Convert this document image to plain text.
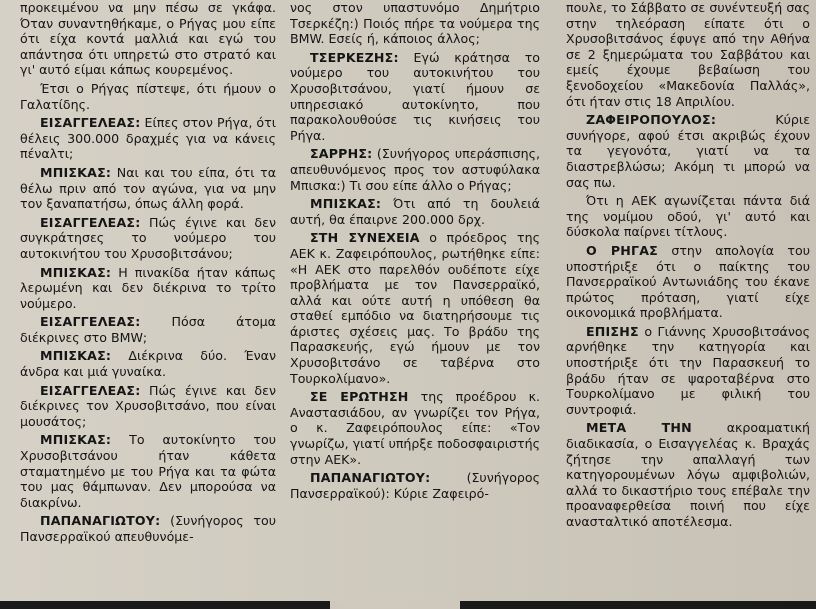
προκειμένου να μην πέσω σε γκάφα. Όταν συναντηθήκαμε, ο Ρήγας μου είπε ότι είχα κοντά μαλλιά και εγώ του απάντησα ότι υπηρετώ στο στρατό και γι' αυτό είμαι κάπως κουρεμένος.

Έτσι ο Ρήγας πίστεψε, ότι ήμουν ο Γαλατίδης.

ΕΙΣΑΓΓΕΛΕΑΣ: Είπες στον Ρήγα, ότι θέλεις 300.000 δραχμές για να κάνεις πέναλτι;

ΜΠΙΣΚΑΣ: Ναι και του είπα, ότι τα θέλω πριν από τον αγώνα, για να μην τον ξαναπατήσω, όπως άλλη φορά.

ΕΙΣΑΓΓΕΛΕΑΣ: Πώς έγινε και δεν συγκράτησες το νούμερο του αυτοκινήτου του Χρυσοβιτσάνου;

ΜΠΙΣΚΑΣ: Η πινακίδα ήταν κάπως λερωμένη και δεν διέκρινα το τρίτο νούμερο.

ΕΙΣΑΓΓΕΛΕΑΣ: Πόσα άτομα διέκρινες στο BMW;

ΜΠΙΣΚΑΣ: Διέκρινα δύο. Έναν άνδρα και μιά γυναίκα.

ΕΙΣΑΓΓΕΛΕΑΣ: Πώς έγινε και δεν διέκρινες τον Χρυσοβιτσάνο, που είναι μουσάτος;

ΜΠΙΣΚΑΣ: Το αυτοκίνητο του Χρυσοβιτσάνου ήταν κάθετα σταματημένο με του Ρήγα και τα φώτα του μας θάμπωναν. Δεν μπορούσα να διακρίνω.

ΠΑΠΑΝΑΓΙΩΤΟΥ: (Συνήγορος του Πανσερραϊκού απευθυνόμε-

νος στον υπαστυνόμο Δημήτριο Τσερκέζη:) Ποιός πήρε τα νούμερα της BMW. Εσείς ή, κάποιος άλλος;

ΤΣΕΡΚΕΖΗΣ: Εγώ κράτησα το νούμερο του αυτοκινήτου του Χρυσοβιτσάνου, γιατί ήμουν σε υπηρεσιακό αυτοκίνητο, που παρακολουθούσε τις κινήσεις του Ρήγα.

ΣΑΡΡΗΣ: (Συνήγορος υπεράσπισης, απευθυνόμενος προς τον αστυφύλακα Μπισκα:) Τι σου είπε άλλο ο Ρήγας;

ΜΠΙΣΚΑΣ: Ότι από τη δουλειά αυτή, θα έπαιρνε 200.000 δρχ.

ΣΤΗ ΣΥΝΕΧΕΙΑ ο πρόεδρος της ΑΕΚ κ. Ζαφειρόπουλος, ρωτήθηκε είπε: «Η ΑΕΚ στο παρελθόν ουδέποτε είχε προβλήματα με τον Πανσερραϊκό, αλλά και ούτε αυτή η υπόθεση θα σταθεί εμπόδιο να διατηρήσουμε τις άριστες σχέσεις μας. Το βράδυ της Παρασκευής, εγώ ήμουν με τον Χρυσοβιτσάνο σε ταβέρνα στο Τουρκολίμανο».

ΣΕ ΕΡΩΤΗΣΗ της προέδρου κ. Αναστασιάδου, αν γνωρίζει τον Ρήγα, ο κ. Ζαφειρόπουλος είπε: «Τον γνωρίζω, γιατί υπήρξε ποδοσφαιριστής στην ΑΕΚ».

ΠΑΠΑΝΑΓΙΩΤΟΥ:	(Συνήγορος Πανσερραϊκού): Κύριε Ζαφειρό-

πουλε, το Σάββατο σε συνέντευξή σας στην τηλεόραση είπατε ότι ο Χρυσοβιτσάνος έφυγε από την Αθήνα σε 2 ξημερώματα του Σαββάτου και εμείς έχουμε βεβαίωση του ξενοδοχείου «Μακεδονία Παλλάς», ότι ήταν στις 18 Απριλίου.

ΖΑΦΕΙΡΟΠΟΥΛΟΣ:	Κύριε συνήγορε, αφού έτσι ακριβώς έχουν τα γεγονότα, γιατί να τα διαστρεβλώσω; Ακόμη τι μπορώ να σας πω.

Ότι η ΑΕΚ αγωνίζεται πάντα διά της νομίμου οδού, γι' αυτό και δύσκολα παίρνει τίτλους.

Ο ΡΗΓΑΣ στην απολογία του υποστήριξε ότι ο παίκτης του Πανσερραϊκού Αντωνιάδης του έκανε πρώτος πρόταση, γιατί είχε οικονομικά προβλήματα.

ΕΠΙΣΗΣ ο Γιάννης Χρυσοβιτσάνος αρνήθηκε την κατηγορία και υποστήριξε ότι την Παρασκευή το βράδυ ήταν σε ψαροταβέρνα στο Τουρκολίμανο με φιλική του συντροφιά.

ΜΕΤΑ ΤΗΝ	ακροαματική διαδικασία, ο Εισαγγελέας κ. Βραχάς ζήτησε την απαλλαγή των κατηγορουμένων λόγω αμφιβολιών, αλλά το δικαστήριο τους επέβαλε την προαναφερθείσα ποινή που είχε ανασταλτικό αποτέλεσμα.
